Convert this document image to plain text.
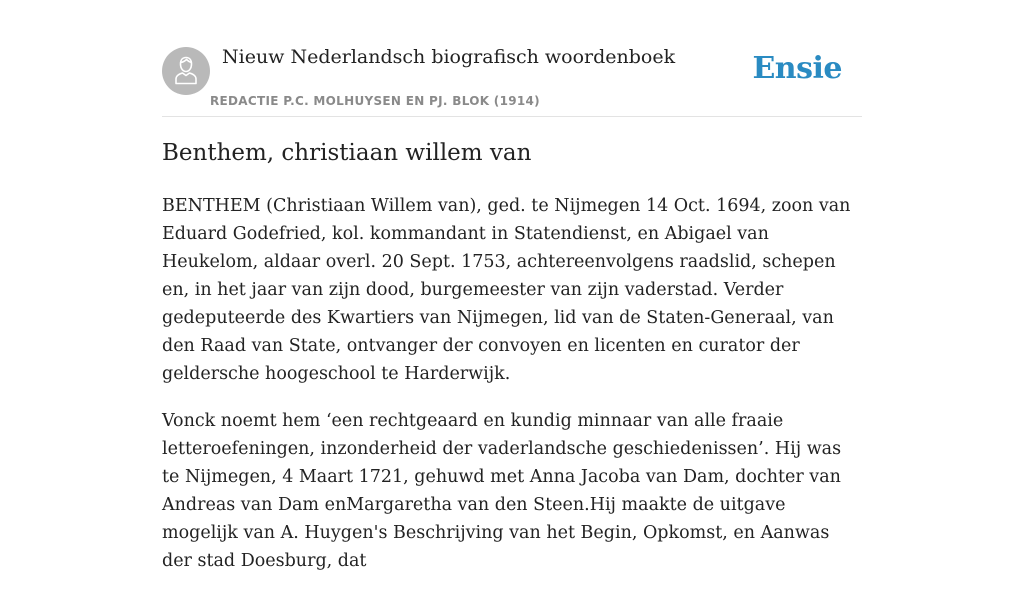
Nieuw Nederlandsch biografisch woordenboek
REDACTIE P.C. MOLHUYSEN EN PJ. BLOK (1914)
Ensie
Benthem, christiaan willem van

BENTHEM (Christiaan Willem van), ged. te Nijmegen 14 Oct. 1694, zoon van Eduard Godefried, kol. kommandant in Statendienst, en Abigael van Heukelom, aldaar overl. 20 Sept. 1753, achtereenvolgens raadslid, schepen en, in het jaar van zijn dood, burgemeester van zijn vaderstad. Verder gedeputeerde des Kwartiers van Nijmegen, lid van de Staten-Generaal, van den Raad van State, ontvanger der convoyen en licenten en curator der geldersche hoogeschool te Harderwijk.

Vonck noemt hem ‘een rechtgeaard en kundig minnaar van alle fraaie letteroefeningen, inzonderheid der vaderlandsche geschiedenissen’. Hij was te Nijmegen, 4 Maart 1721, gehuwd met Anna Jacoba van Dam, dochter van Andreas van Dam enMargaretha van den Steen.Hij maakte de uitgave mogelijk van A. Huygen's Beschrijving van het Begin, Opkomst, en Aanwas der stad Doesburg, dat
